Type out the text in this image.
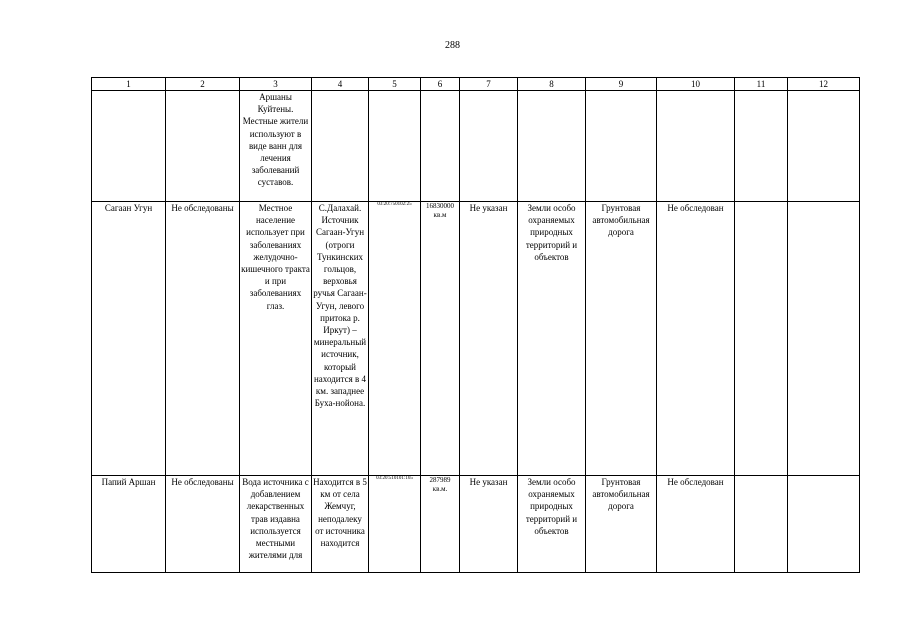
288
1	2	3	4	5	6	7	8	9	10	11	12
		Аршаны Куйтены. Местные жители используют в виде ванн для лечения заболеваний суставов.									
Сагаан Угун	Не обследованы	Местное население использует при заболеваниях желудочно-кишечного тракта и при заболеваниях глаз.	С.Далахай. Источник Сагаан-Угун (отроги Тункинских гольцов, верховья ручья Сагаан-Угун, левого притока р. Иркут) – минеральный источник, который находится в 4 км. западнее Буха-нойона.	03:20:750102:25	16830000 кв.м	Не указан	Земли особо охраняемых природных территорий и объектов	Грунтовая автомобильная дорога	Не обследован		
Папий Аршан	Не обследованы	Вода источника с добавлением лекарственных трав издавна используется местными жителями для	Находится в 5 км от села Жемчуг, неподалеку от источника находится	03:20:510101:165	287989 кв.м.	Не указан	Земли особо охраняемых природных территорий и объектов	Грунтовая автомобильная дорога	Не обследован		
